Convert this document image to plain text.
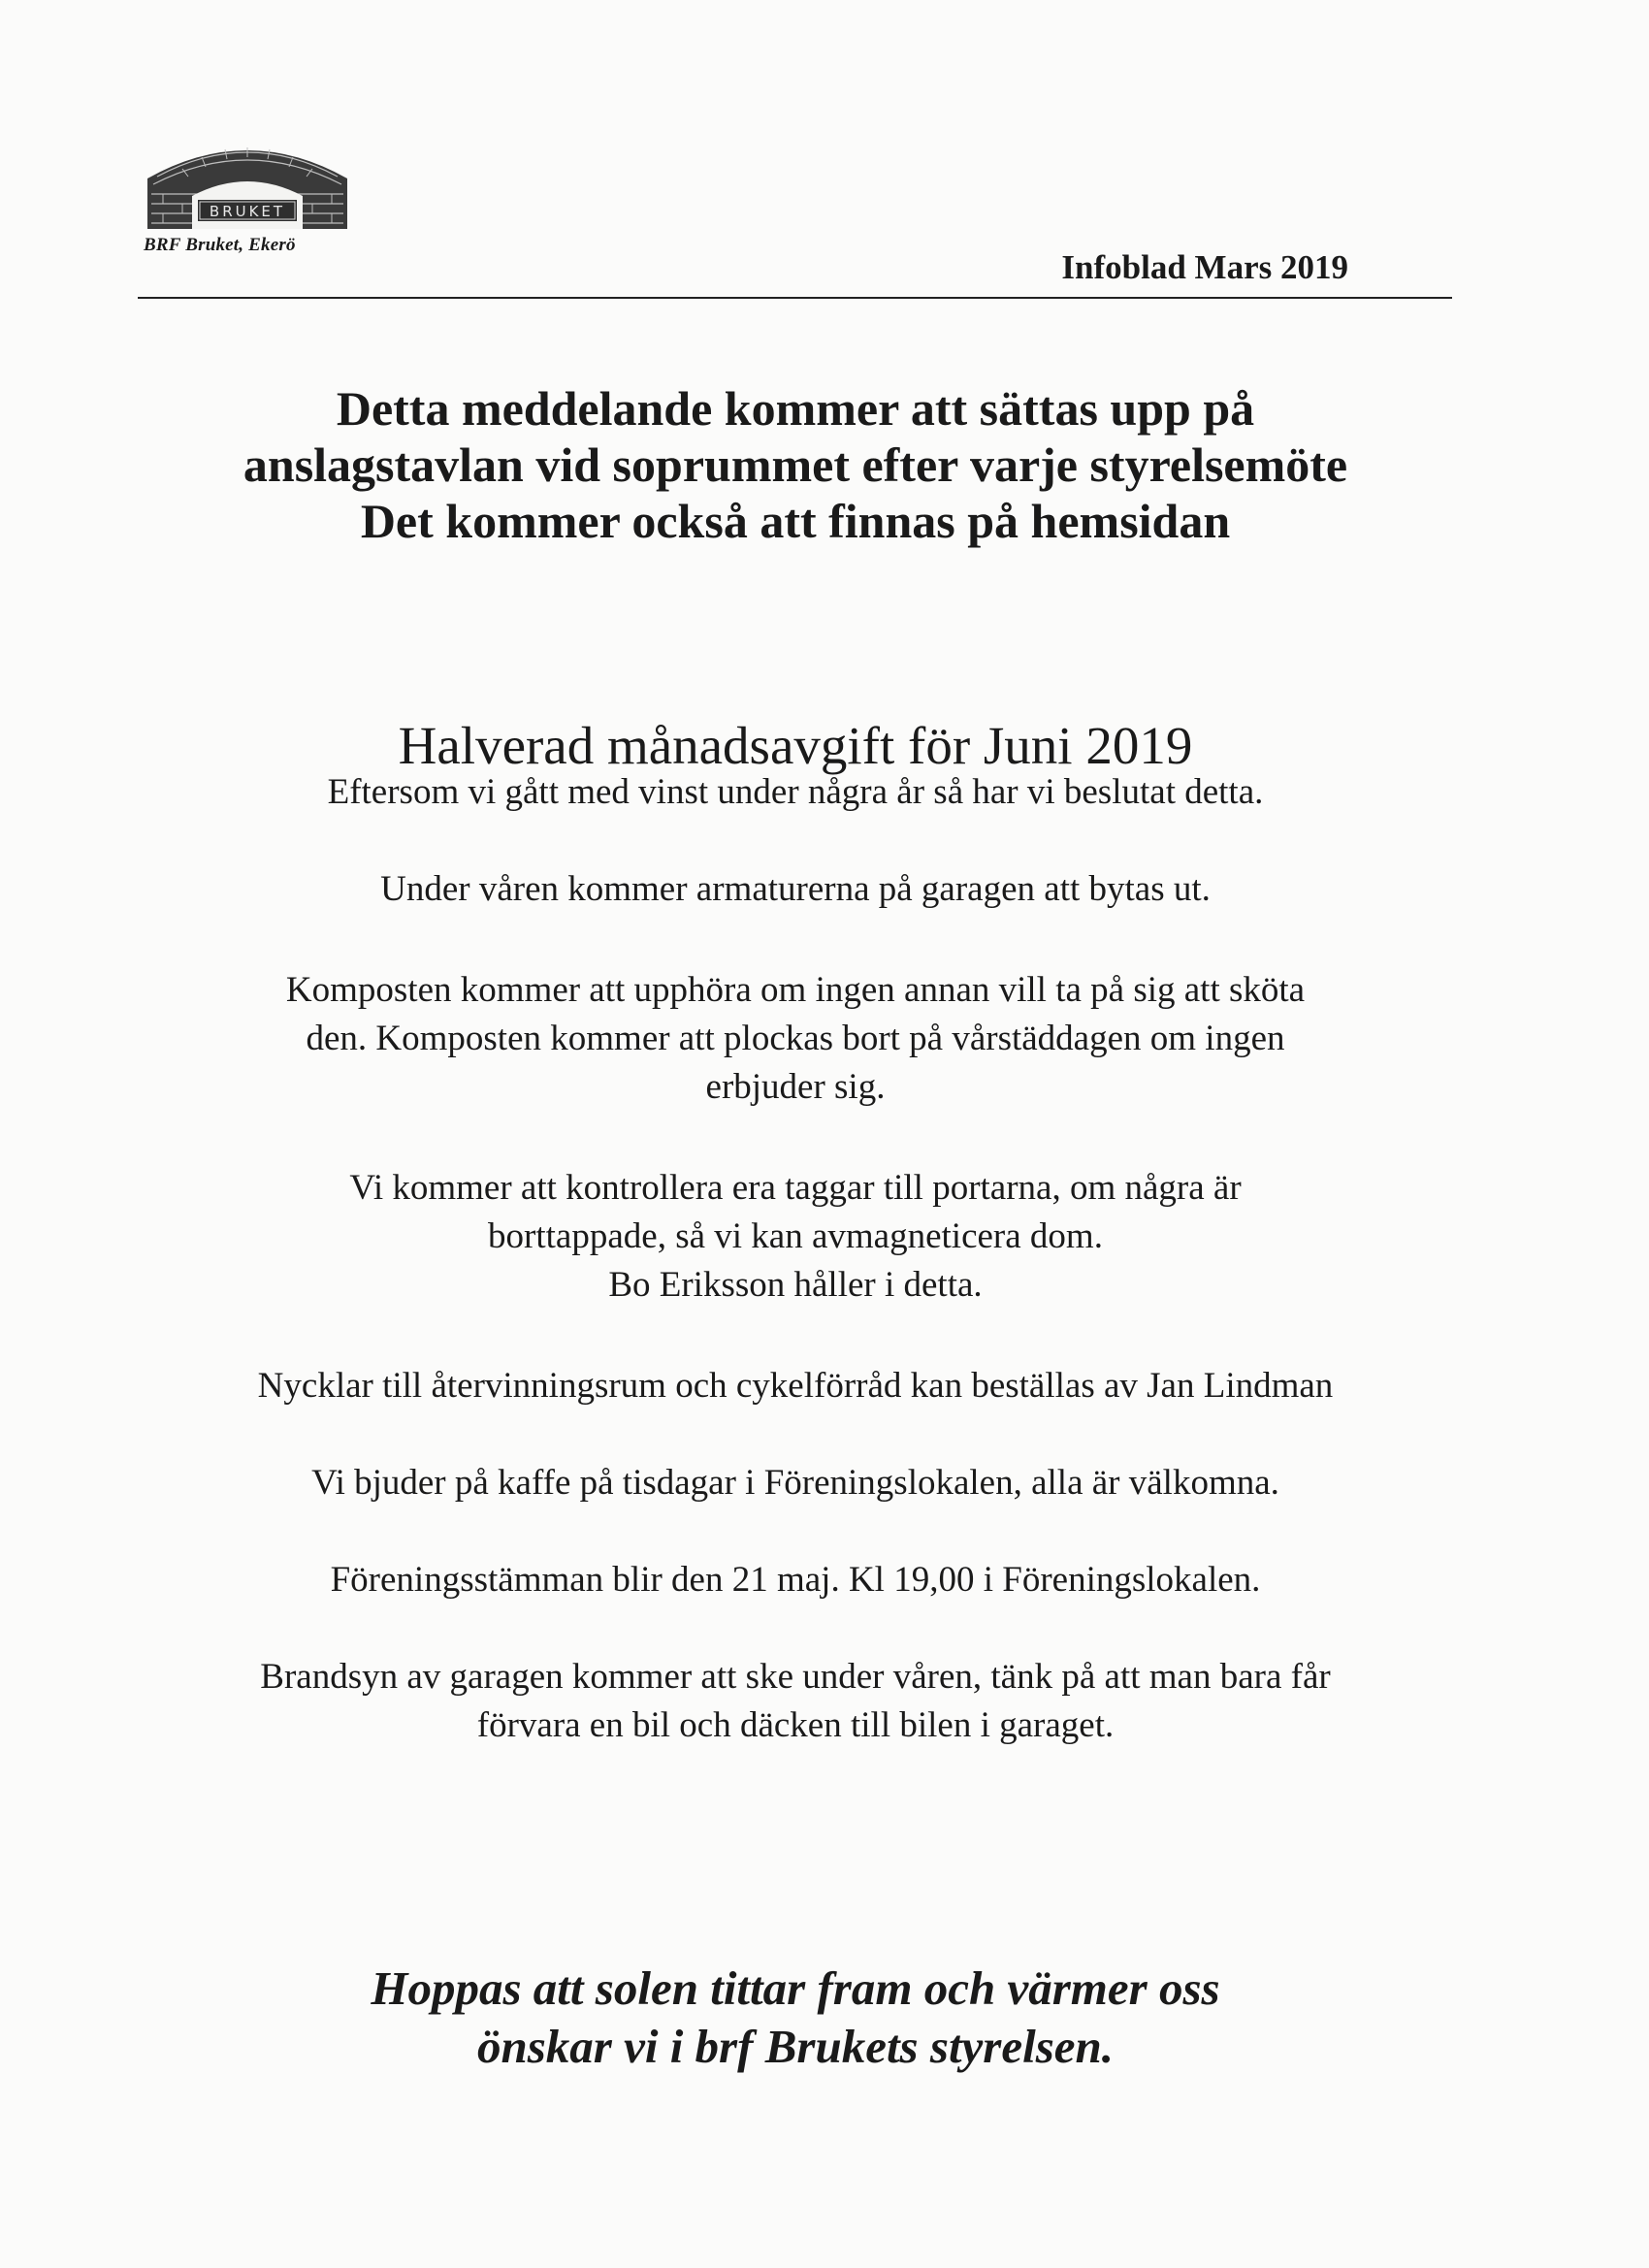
BRUKET
BRF Bruket, Ekerö
Infoblad Mars 2019
Detta meddelande kommer att sättas upp på
anslagstavlan vid soprummet efter varje styrelsemöte
Det kommer också att finnas på hemsidan
Halverad månadsavgift för Juni 2019
Eftersom vi gått med vinst under några år så har vi beslutat detta.
Under våren kommer armaturerna på garagen att bytas ut.
Komposten kommer att upphöra om ingen annan vill ta på sig att sköta
den. Komposten kommer att plockas bort på vårstäddagen om ingen
erbjuder sig.
Vi kommer att kontrollera era taggar till portarna, om några är
borttappade, så vi kan avmagneticera dom.
Bo Eriksson håller i detta.
Nycklar till återvinningsrum och cykelförråd kan beställas av Jan Lindman
Vi bjuder på kaffe på tisdagar i Föreningslokalen, alla är välkomna.
Föreningsstämman blir den 21 maj. Kl 19,00 i Föreningslokalen.
Brandsyn av garagen kommer att ske under våren, tänk på att man bara får
förvara en bil och däcken till bilen i garaget.
Hoppas att solen tittar fram och värmer oss
önskar vi i brf Brukets styrelsen.
